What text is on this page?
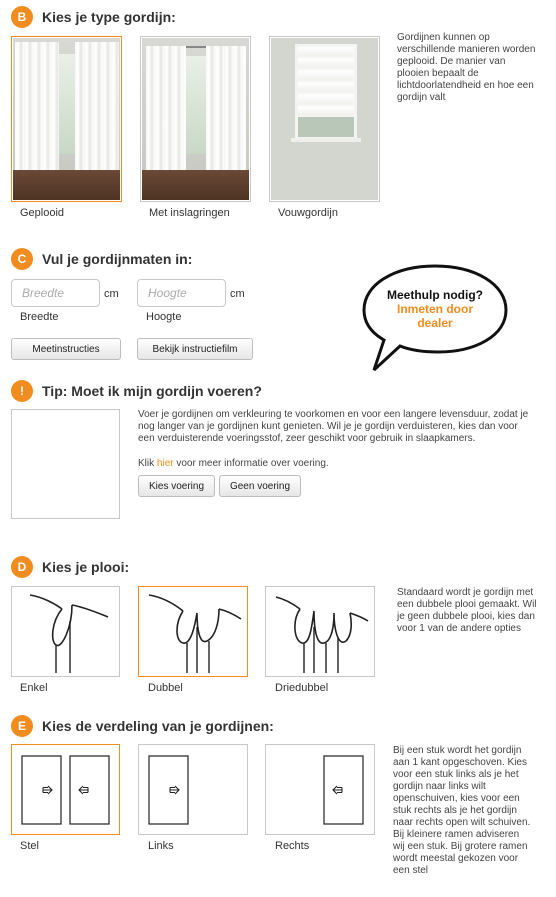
B	Kies je type gordijn:
Geplooid	Met inslagringen	Vouwgordijn
Gordijnen kunnen op verschillende manieren worden geplooid. De manier van plooien bepaalt de lichtdoorlatendheid en hoe een gordijn valt
C	Vul je gordijnmaten in:
Breedte
cm
Breedte
Hoogte
cm
Hoogte
Meetinstructies	Bekijk instructiefilm
Meethulp nodig?
Inmeten door
dealer
!	Tip: Moet ik mijn gordijn voeren?
Voer je gordijnen om verkleuring te voorkomen en voor een langere levensduur, zodat je nog langer van je gordijnen kunt genieten. Wil je je gordijn verduisteren, kies dan voor een verduisterende voeringsstof, zeer geschikt voor gebruik in slaapkamers.
Klik hier voor meer informatie over voering.
Kies voering	Geen voering
D	Kies je plooi:
Enkel	Dubbel	Driedubbel
Standaard wordt je gordijn met een dubbele plooi gemaakt. Wil je geen dubbele plooi, kies dan voor 1 van de andere opties
E	Kies de verdeling van je gordijnen:
Stel	Links	Rechts
Bij een stuk wordt het gordijn aan 1 kant opgeschoven. Kies voor een stuk links als je het gordijn naar links wilt openschuiven, kies voor een stuk rechts als je het gordijn naar rechts open wilt schuiven. Bij kleinere ramen adviseren wij een stuk. Bij grotere ramen wordt meestal gekozen voor een stel
